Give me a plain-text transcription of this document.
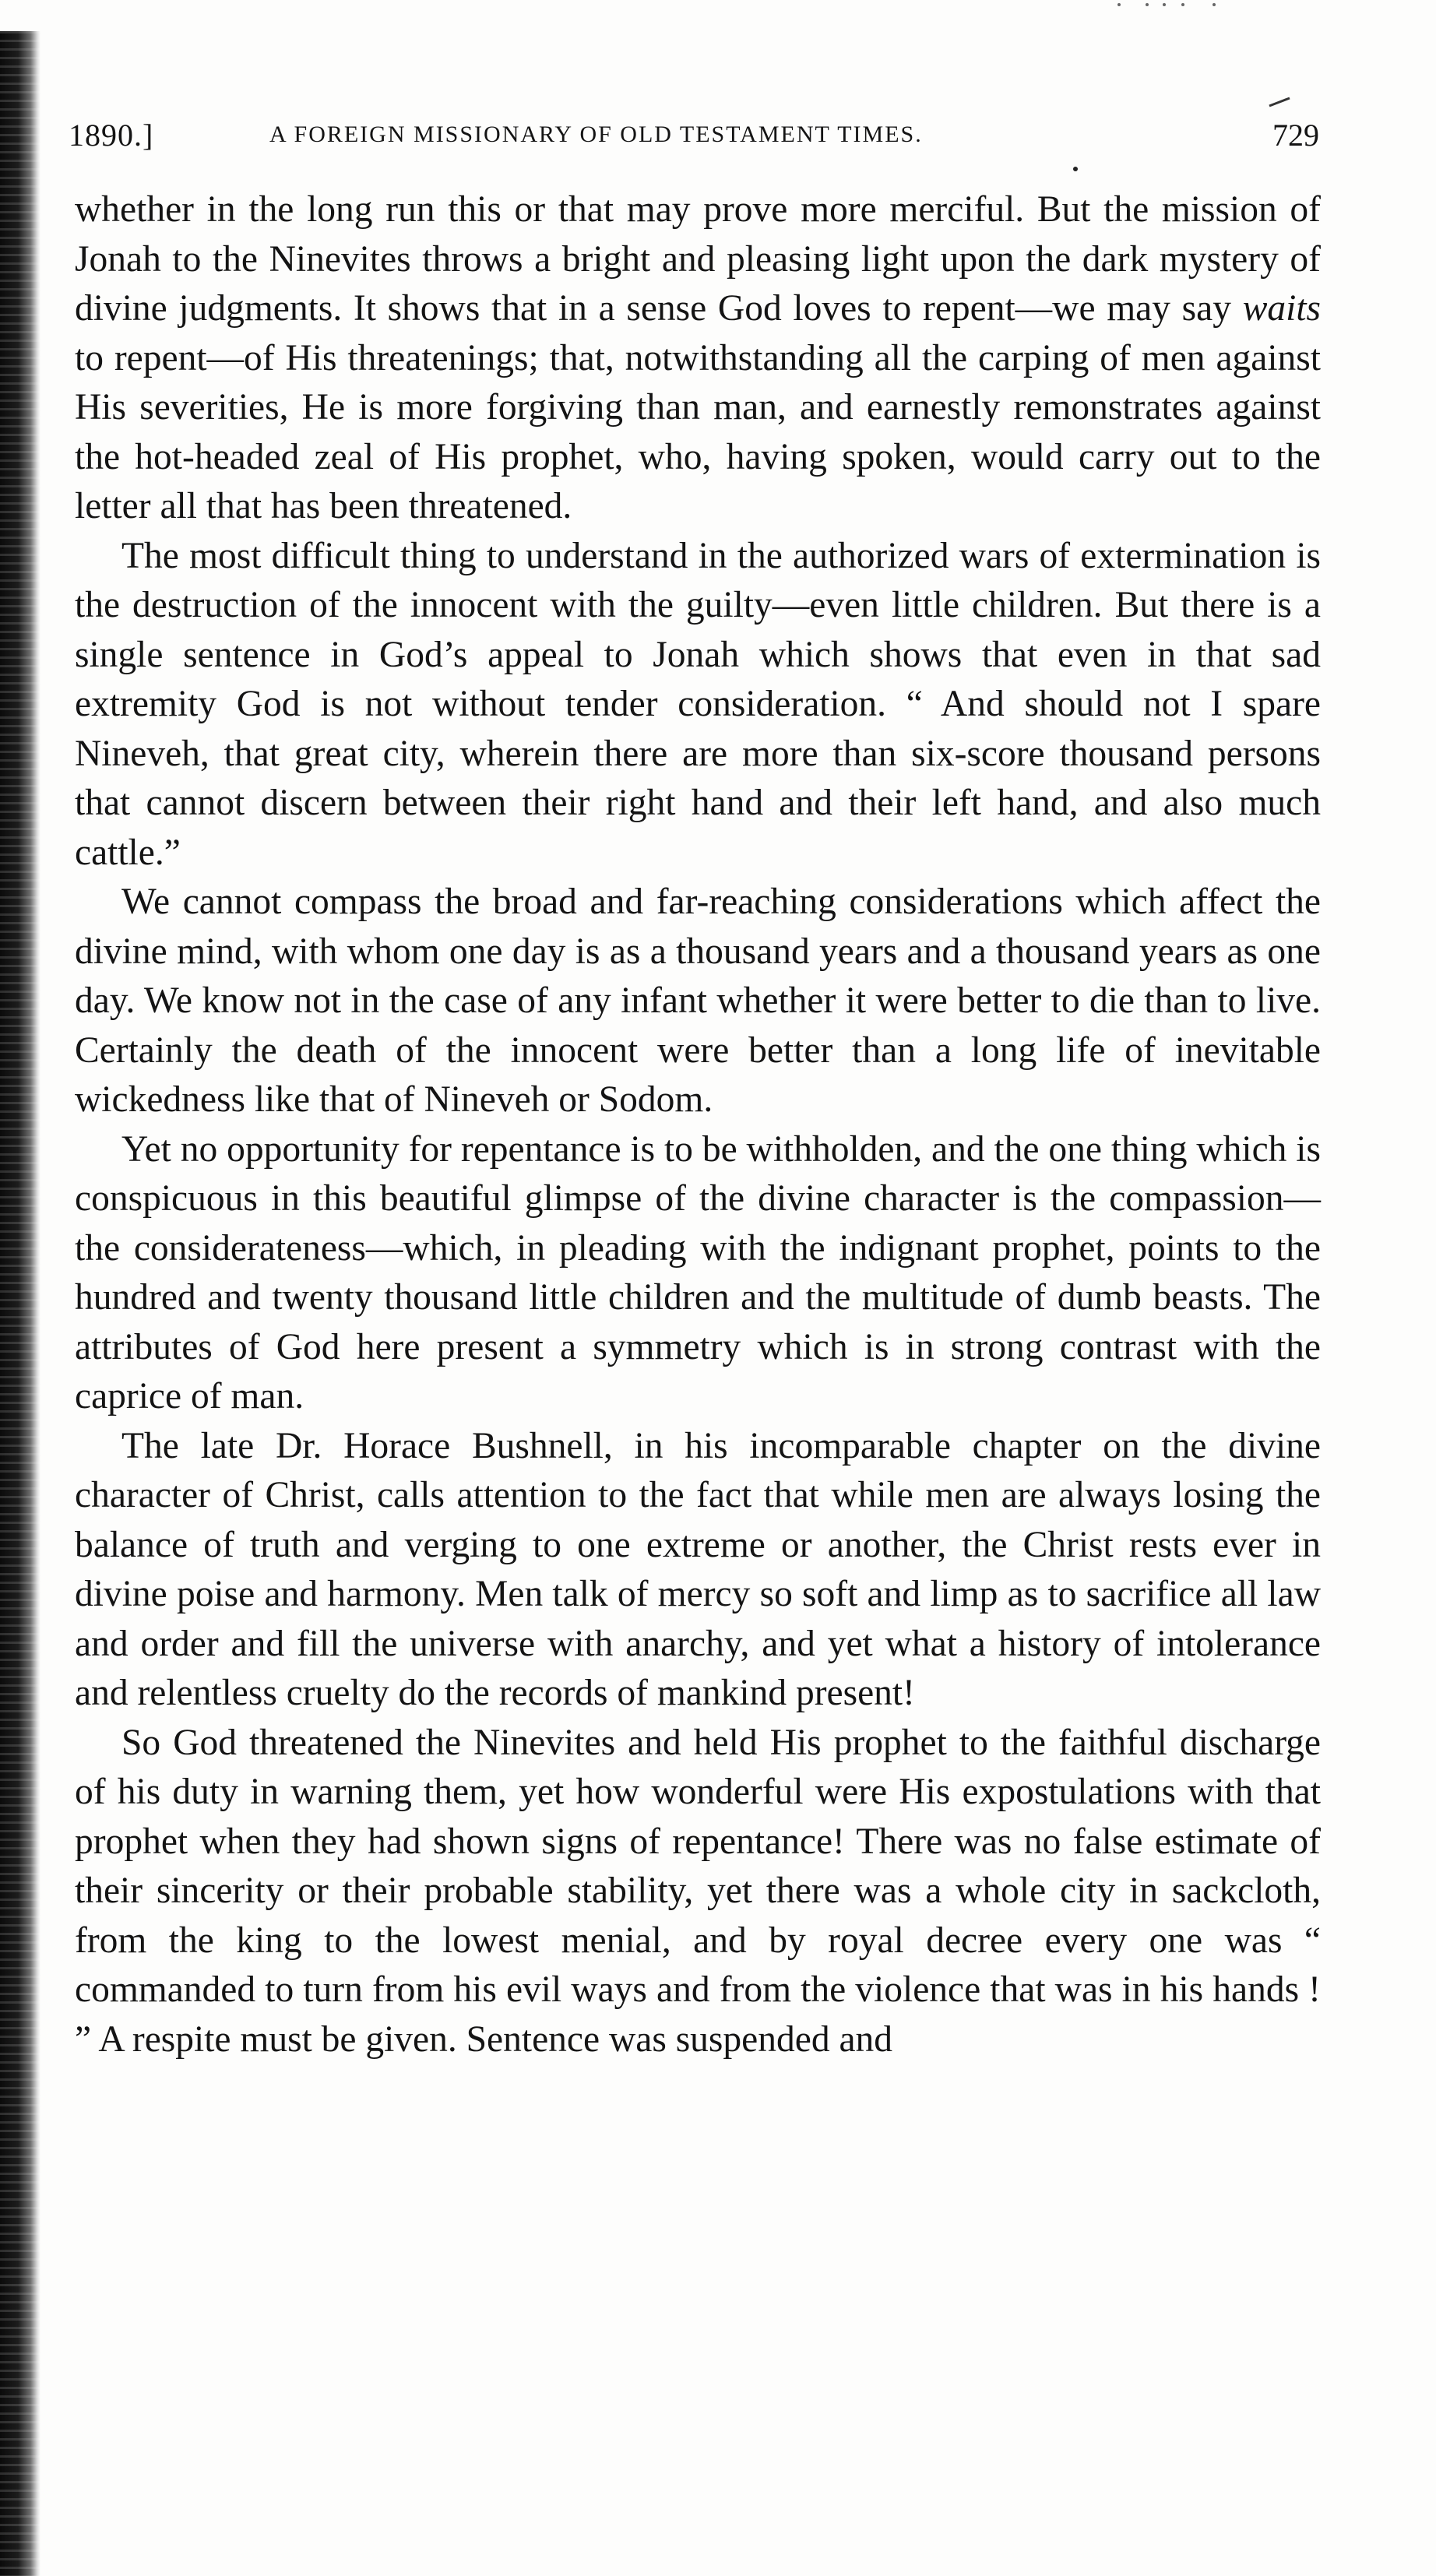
1890.]	A FOREIGN MISSIONARY OF OLD TESTAMENT TIMES.	729

whether in the long run this or that may prove more merciful. But the mission of Jonah to the Ninevites throws a bright and pleasing light upon the dark mystery of divine judgments. It shows that in a sense God loves to repent—we may say waits to repent—of His threatenings; that, notwithstanding all the carping of men against His severities, He is more forgiving than man, and earnestly remonstrates against the hot-headed zeal of His prophet, who, having spoken, would carry out to the letter all that has been threatened.

The most difficult thing to understand in the authorized wars of extermination is the destruction of the innocent with the guilty—even little children. But there is a single sentence in God’s appeal to Jonah which shows that even in that sad extremity God is not without tender consideration. “ And should not I spare Nineveh, that great city, wherein there are more than six-score thousand persons that cannot discern between their right hand and their left hand, and also much cattle.”

We cannot compass the broad and far-reaching considerations which affect the divine mind, with whom one day is as a thousand years and a thousand years as one day. We know not in the case of any infant whether it were better to die than to live. Certainly the death of the innocent were better than a long life of inevitable wickedness like that of Nineveh or Sodom.

Yet no opportunity for repentance is to be withholden, and the one thing which is conspicuous in this beautiful glimpse of the divine character is the compassion—the considerateness—which, in pleading with the indignant prophet, points to the hundred and twenty thousand little children and the multitude of dumb beasts. The attributes of God here present a symmetry which is in strong contrast with the caprice of man.

The late Dr. Horace Bushnell, in his incomparable chapter on the divine character of Christ, calls attention to the fact that while men are always losing the balance of truth and verging to one extreme or another, the Christ rests ever in divine poise and harmony. Men talk of mercy so soft and limp as to sacrifice all law and order and fill the universe with anarchy, and yet what a history of intolerance and relentless cruelty do the records of mankind present!

So God threatened the Ninevites and held His prophet to the faithful discharge of his duty in warning them, yet how wonderful were His expostulations with that prophet when they had shown signs of repentance! There was no false estimate of their sincerity or their probable stability, yet there was a whole city in sackcloth, from the king to the lowest menial, and by royal decree every one was “ commanded to turn from his evil ways and from the violence that was in his hands ! ” A respite must be given. Sentence was suspended and
